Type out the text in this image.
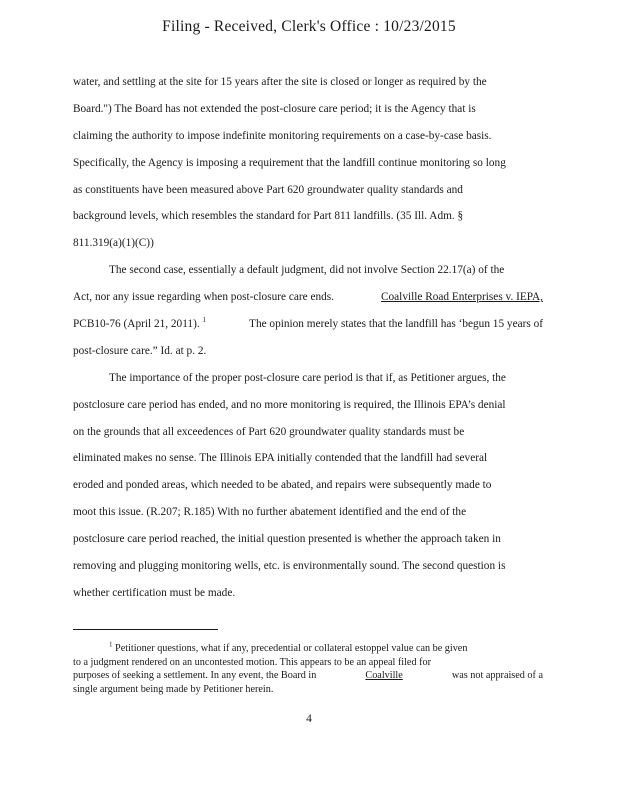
Filing - Received, Clerk's Office : 10/23/2015
water, and settling at the site for 15 years after the site is closed or longer as required by the
Board.") The Board has not extended the post-closure care period; it is the Agency that is
claiming the authority to impose indefinite monitoring requirements on a case-by-case basis.
Specifically, the Agency is imposing a requirement that the landfill continue monitoring so long
as constituents have been measured above Part 620 groundwater quality standards and
background levels, which resembles the standard for Part 811 landfills. (35 Ill. Adm. §
811.319(a)(1)(C))
The second case, essentially a default judgment, did not involve Section 22.17(a) of the
Act, nor any issue regarding when post-closure care ends.	Coalville Road Enterprises v. IEPA,
PCB10-76 (April 21, 2011). $^1$	The opinion merely states that the landfill has ‘begun 15 years of
post-closure care.” Id. at p. 2.
The importance of the proper post-closure care period is that if, as Petitioner argues, the
postclosure care period has ended, and no more monitoring is required, the Illinois EPA’s denial
on the grounds that all exceedences of Part 620 groundwater quality standards must be
eliminated makes no sense. The Illinois EPA initially contended that the landfill had several
eroded and ponded areas, which needed to be abated, and repairs were subsequently made to
moot this issue. (R.207; R.185) With no further abatement identified and the end of the
postclosure care period reached, the initial question presented is whether the approach taken in
removing and plugging monitoring wells, etc. is environmentally sound. The second question is
whether certification must be made.
$^1$ Petitioner questions, what if any, precedential or collateral estoppel value can be given
to a judgment rendered on an uncontested motion. This appears to be an appeal filed for
purposes of seeking a settlement. In any event, the Board in	Coalville	was not appraised of a
single argument being made by Petitioner herein.
4
